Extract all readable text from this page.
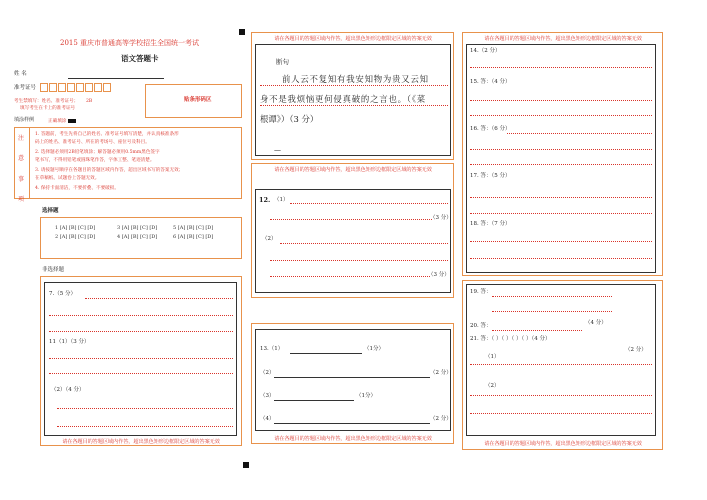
2015 重庆市普通高等学校招生全国统一考试
语文答题卡
姓 名
准考证号
考生禁填写：姓名、准考证号； 2B
填写考生在卡上的准考证号
贴条形码区
填涂样例	正确填涂
注

意

事

项
1. 答题前，考生先将自己的姓名、准考证号填写清楚，并认真核准条形
码上的姓名、准考证号、所在的考场号、座位号及科目。
2. 选择题必须用2B铅笔填涂；解答题必须用0.5mm黑色签字
笔书写，不得用铅笔或圆珠笔作答，字体工整、笔迹清楚。
3. 请按题号顺序在各题目的答题区域内作答，超出区域书写的答案无效；
在草稿纸、试题卷上答题无效。
4. 保持卡面清洁，不要折叠、不要破损。
选择题
1 [A] [B] [C] [D]	3 [A] [B] [C] [D]	5 [A] [B] [C] [D]
2 [A] [B] [C] [D]	4 [A] [B] [C] [D]	6 [A] [B] [C] [D]
非选择题
7.（5 分）
11（1）（3 分）
（2）（4 分）
请在各题目的答题区域内作答，超出黑色矩形边框限定区域的答案无效
请在各题目的答题区域内作答，超出黑色矩形边框限定区域的答案无效
断句
前人云不复知有我安知物为贵又云知
身不是我烦恼更何侵真破的之言也。（《菜
根谭》）（3 分）
—
请在各题目的答题区域内作答，超出黑色矩形边框限定区域的答案无效
12. （1）
（3 分）
（2）
（3 分）
13.（1）	（1分）
（2）	（2 分）
（3）	（1分）
（4）	（2 分）
请在各题目的答题区域内作答，超出黑色矩形边框限定区域的答案无效
请在各题目的答题区域内作答，超出黑色矩形边框限定区域的答案无效
14.（2 分）
15. 答：（4 分）
16. 答：（6 分）
17. 答：（5 分）
18. 答：（7 分）
19. 答：
（4 分）
20. 答：
21. 答：（ ）（ ）（ ）（ ）（4 分）
（2 分）
（1）
（2）
请在各题目的答题区域内作答，超出黑色矩形边框限定区域的答案无效
